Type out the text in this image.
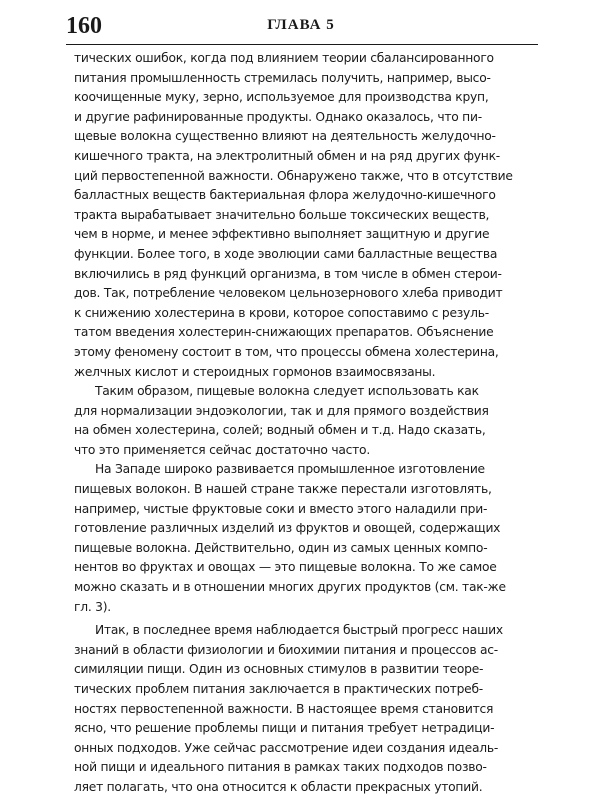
160	ГЛАВА 5

тических ошибок, когда под влиянием теории сбалансированного
питания промышленность стремилась получить, например, высо-
коочищенные муку, зерно, используемое для производства круп,
и другие рафинированные продукты. Однако оказалось, что пи-
щевые волокна существенно влияют на деятельность желудочно-
кишечного тракта, на электролитный обмен и на ряд других функ-
ций первостепенной важности. Обнаружено также, что в отсутствие
балластных веществ бактериальная флора желудочно-кишечного
тракта вырабатывает значительно больше токсических веществ,
чем в норме, и менее эффективно выполняет защитную и другие
функции. Более того, в ходе эволюции сами балластные вещества
включились в ряд функций организма, в том числе в обмен стерои-
дов. Так, потребление человеком цельнозернового хлеба приводит
к снижению холестерина в крови, которое сопоставимо с резуль-
татом введения холестерин-снижающих препаратов. Объяснение
этому феномену состоит в том, что процессы обмена холестерина,
желчных кислот и стероидных гормонов взаимосвязаны.

Таким образом, пищевые волокна следует использовать как
для нормализации эндоэкологии, так и для прямого воздействия
на обмен холестерина, солей; водный обмен и т.д. Надо сказать,
что это применяется сейчас достаточно часто.

На Западе широко развивается промышленное изготовление
пищевых волокон. В нашей стране также перестали изготовлять,
например, чистые фруктовые соки и вместо этого наладили при-
готовление различных изделий из фруктов и овощей, содержащих
пищевые волокна. Действительно, один из самых ценных компо-
нентов во фруктах и овощах — это пищевые волокна. То же самое
можно сказать и в отношении многих других продуктов (см. так-же
гл. 3).

Итак, в последнее время наблюдается быстрый прогресс наших
знаний в области физиологии и биохимии питания и процессов ас-
симиляции пищи. Один из основных стимулов в развитии теоре-
тических проблем питания заключается в практических потреб-
ностях первостепенной важности. В настоящее время становится
ясно, что решение проблемы пищи и питания требует нетрадици-
онных подходов. Уже сейчас рассмотрение идеи создания идеаль-
ной пищи и идеального питания в рамках таких подходов позво-
ляет полагать, что она относится к области прекрасных утопий.
